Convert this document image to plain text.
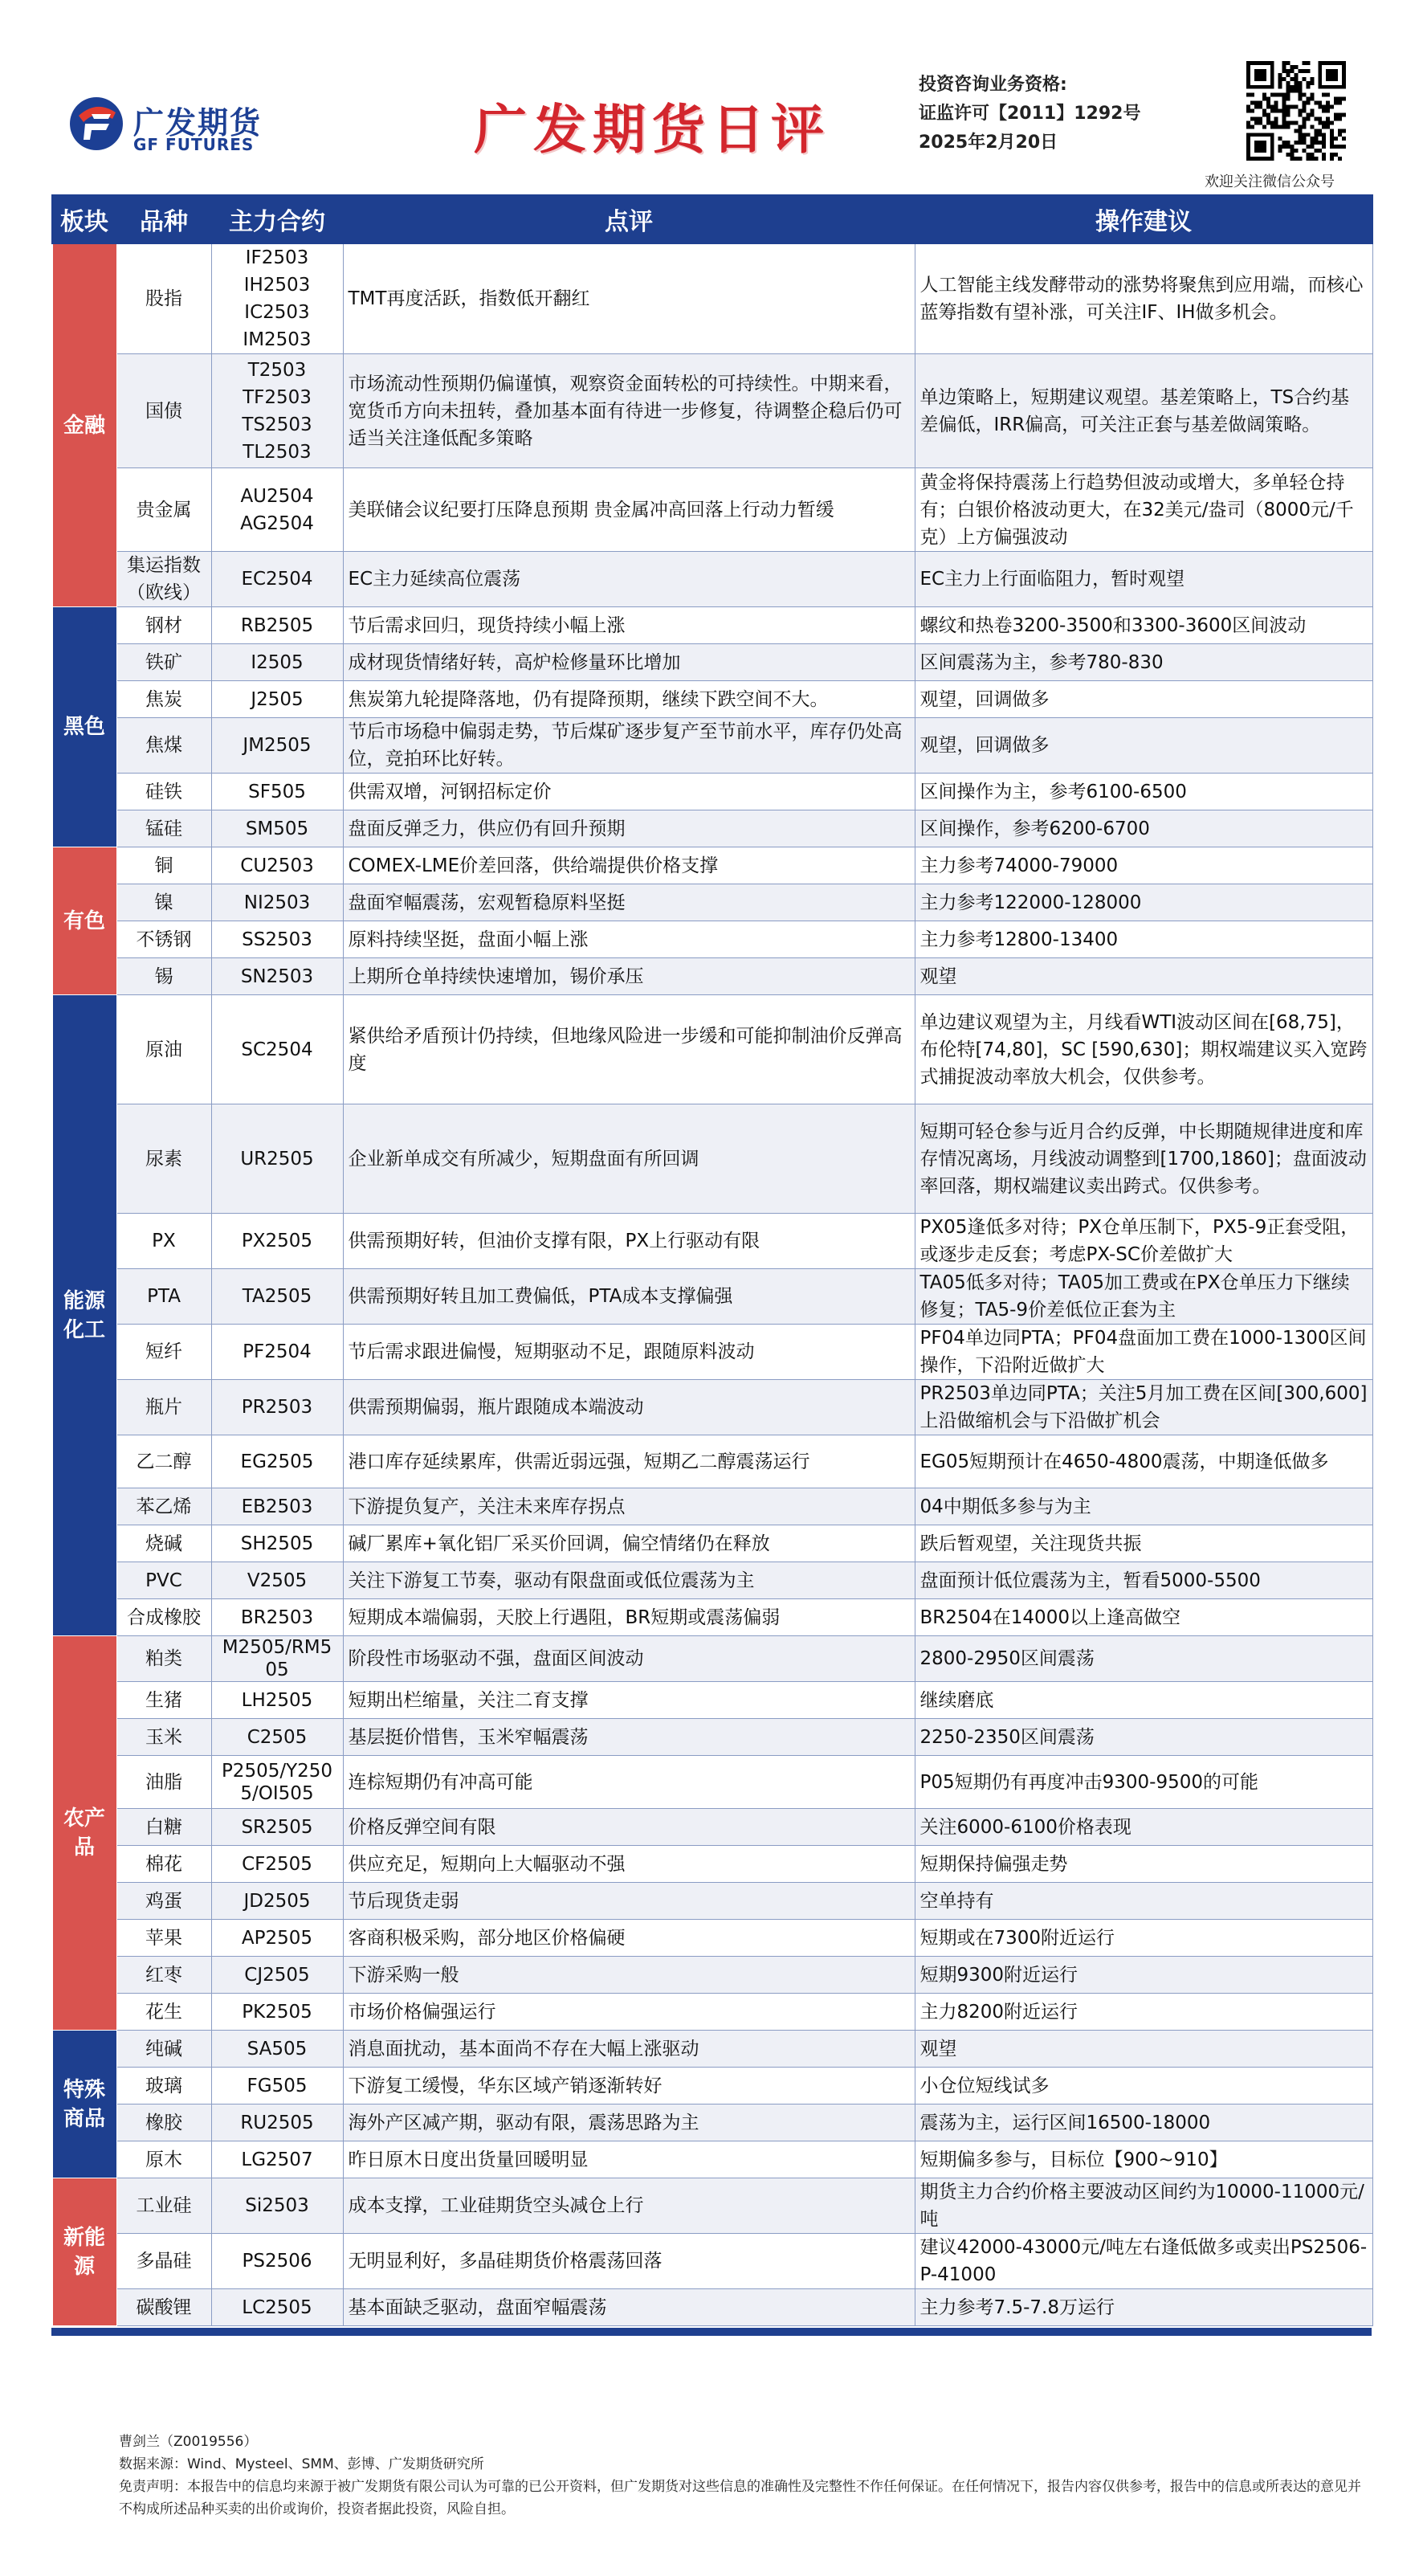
广发期货
GF FUTURES	广发期货日评
投资咨询业务资格:
证监许可【2011】1292号
2025年2月20日
欢迎关注微信公众号
板块	品种	主力合约	点评	操作建议
金融	股指	IF2503
IH2503
IC2503
IM2503	TMT再度活跃，指数低开翻红	人工智能主线发酵带动的涨势将聚焦到应用端，而核心蓝筹指数有望补涨，可关注IF、IH做多机会。
	国债	T2503
TF2503
TS2503
TL2503	市场流动性预期仍偏谨慎，观察资金面转松的可持续性。中期来看，宽货币方向未扭转，叠加基本面有待进一步修复，待调整企稳后仍可适当关注逢低配多策略	单边策略上，短期建议观望。基差策略上，TS合约基差偏低，IRR偏高，可关注正套与基差做阔策略。
	贵金属	AU2504
AG2504	美联储会议纪要打压降息预期 贵金属冲高回落上行动力暂缓	黄金将保持震荡上行趋势但波动或增大，多单轻仓持有；白银价格波动更大，在32美元/盎司（8000元/千克）上方偏强波动
	集运指数（欧线）	EC2504	EC主力延续高位震荡	EC主力上行面临阻力，暂时观望
黑色	钢材	RB2505	节后需求回归，现货持续小幅上涨	螺纹和热卷3200-3500和3300-3600区间波动
	铁矿	I2505	成材现货情绪好转，高炉检修量环比增加	区间震荡为主，参考780-830
	焦炭	J2505	焦炭第九轮提降落地，仍有提降预期，继续下跌空间不大。	观望，回调做多
	焦煤	JM2505	节后市场稳中偏弱走势，节后煤矿逐步复产至节前水平，库存仍处高位，竞拍环比好转。	观望，回调做多
	硅铁	SF505	供需双增，河钢招标定价	区间操作为主，参考6100-6500
	锰硅	SM505	盘面反弹乏力，供应仍有回升预期	区间操作，参考6200-6700
有色	铜	CU2503	COMEX-LME价差回落，供给端提供价格支撑	主力参考74000-79000
	镍	NI2503	盘面窄幅震荡，宏观暂稳原料坚挺	主力参考122000-128000
	不锈钢	SS2503	原料持续坚挺，盘面小幅上涨	主力参考12800-13400
	锡	SN2503	上期所仓单持续快速增加，锡价承压	观望
能源化工	原油	SC2504	紧供给矛盾预计仍持续，但地缘风险进一步缓和可能抑制油价反弹高度	单边建议观望为主，月线看WTI波动区间在[68,75]，布伦特[74,80]，SC [590,630]；期权端建议买入宽跨式捕捉波动率放大机会，仅供参考。
	尿素	UR2505	企业新单成交有所减少，短期盘面有所回调	短期可轻仓参与近月合约反弹，中长期随规律进度和库存情况离场，月线波动调整到[1700,1860]；盘面波动率回落，期权端建议卖出跨式。仅供参考。
	PX	PX2505	供需预期好转，但油价支撑有限，PX上行驱动有限	PX05逢低多对待；PX仓单压制下，PX5-9正套受阻，或逐步走反套；考虑PX-SC价差做扩大
	PTA	TA2505	供需预期好转且加工费偏低，PTA成本支撑偏强	TA05低多对待；TA05加工费或在PX仓单压力下继续修复；TA5-9价差低位正套为主
	短纤	PF2504	节后需求跟进偏慢，短期驱动不足，跟随原料波动	PF04单边同PTA；PF04盘面加工费在1000-1300区间操作，下沿附近做扩大
	瓶片	PR2503	供需预期偏弱，瓶片跟随成本端波动	PR2503单边同PTA；关注5月加工费在区间[300,600]上沿做缩机会与下沿做扩机会
	乙二醇	EG2505	港口库存延续累库，供需近弱远强，短期乙二醇震荡运行	EG05短期预计在4650-4800震荡，中期逢低做多
	苯乙烯	EB2503	下游提负复产，关注未来库存拐点	04中期低多参与为主
	烧碱	SH2505	碱厂累库+氧化铝厂采买价回调，偏空情绪仍在释放	跌后暂观望，关注现货共振
	PVC	V2505	关注下游复工节奏，驱动有限盘面或低位震荡为主	盘面预计低位震荡为主，暂看5000-5500
	合成橡胶	BR2503	短期成本端偏弱，天胶上行遇阻，BR短期或震荡偏弱	BR2504在14000以上逢高做空
农产品	粕类	M2505/RM505	阶段性市场驱动不强，盘面区间波动	2800-2950区间震荡
	生猪	LH2505	短期出栏缩量，关注二育支撑	继续磨底
	玉米	C2505	基层挺价惜售，玉米窄幅震荡	2250-2350区间震荡
	油脂	P2505/Y2505/OI505	连棕短期仍有冲高可能	P05短期仍有再度冲击9300-9500的可能
	白糖	SR2505	价格反弹空间有限	关注6000-6100价格表现
	棉花	CF2505	供应充足，短期向上大幅驱动不强	短期保持偏强走势
	鸡蛋	JD2505	节后现货走弱	空单持有
	苹果	AP2505	客商积极采购，部分地区价格偏硬	短期或在7300附近运行
	红枣	CJ2505	下游采购一般	短期9300附近运行
	花生	PK2505	市场价格偏强运行	主力8200附近运行
特殊商品	纯碱	SA505	消息面扰动，基本面尚不存在大幅上涨驱动	观望
	玻璃	FG505	下游复工缓慢，华东区域产销逐渐转好	小仓位短线试多
	橡胶	RU2505	海外产区减产期，驱动有限，震荡思路为主	震荡为主，运行区间16500-18000
	原木	LG2507	昨日原木日度出货量回暖明显	短期偏多参与，目标位【900~910】
新能源	工业硅	Si2503	成本支撑，工业硅期货空头减仓上行	期货主力合约价格主要波动区间约为10000-11000元/吨
	多晶硅	PS2506	无明显利好，多晶硅期货价格震荡回落	建议42000-43000元/吨左右逢低做多或卖出PS2506-P-41000
	碳酸锂	LC2505	基本面缺乏驱动，盘面窄幅震荡	主力参考7.5-7.8万运行
曹剑兰（Z0019556）
数据来源：Wind、Mysteel、SMM、彭博、广发期货研究所
免责声明：本报告中的信息均来源于被广发期货有限公司认为可靠的已公开资料，但广发期货对这些信息的准确性及完整性不作任何保证。在任何情况下，报告内容仅供参考，报告中的信息或所表达的意见并不构成所述品种买卖的出价或询价，投资者据此投资，风险自担。
